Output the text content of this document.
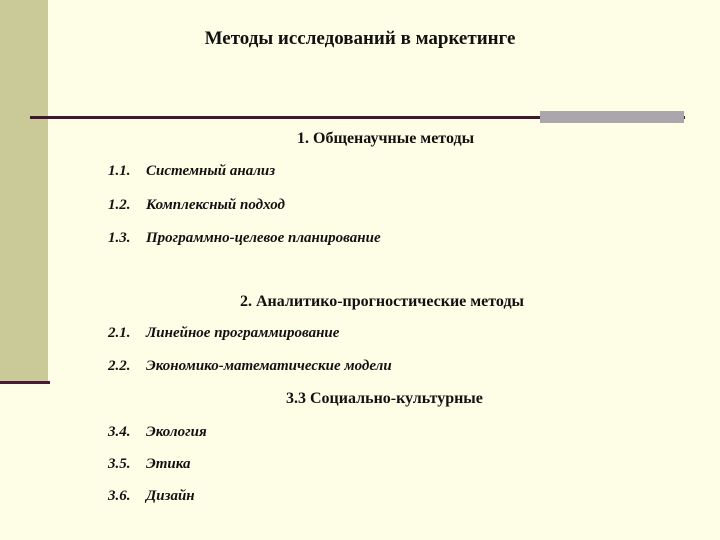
Методы исследований в маркетинге
1. Общенаучные методы
1.1. Системный анализ
1.2. Комплексный подход
1.3. Программно-целевое планирование
2. Аналитико-прогностические методы
2.1. Линейное программирование
2.2. Экономико-математические модели
3.3 Социально-культурные
3.4. Экология
3.5. Этика
3.6. Дизайн
